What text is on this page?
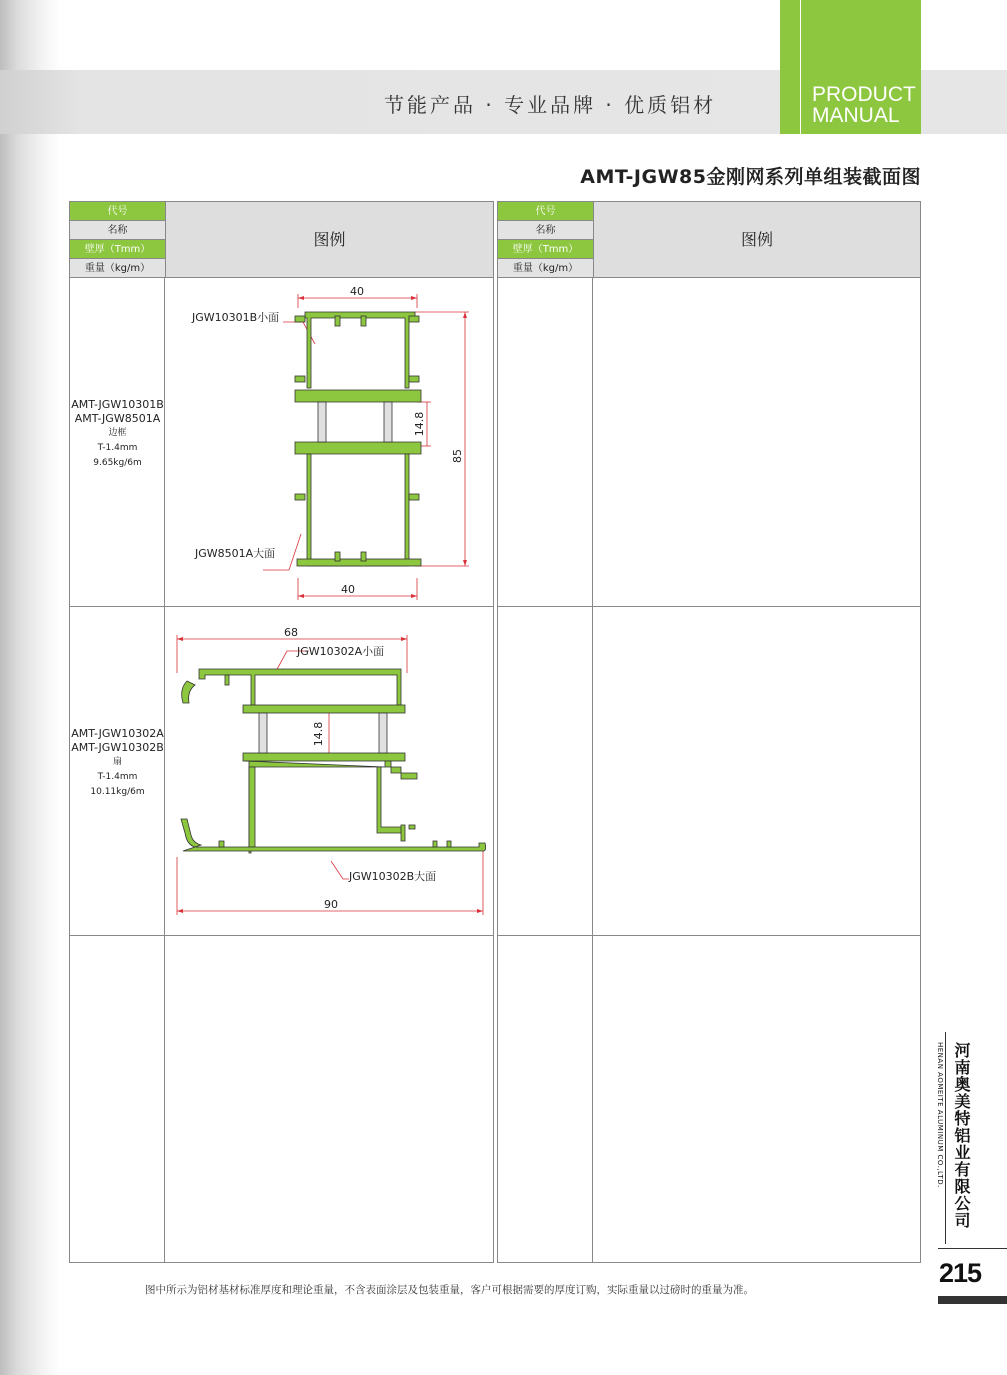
节能产品 · 专业品牌 · 优质铝材	PRODUCT
MANUAL
AMT-JGW85金刚网系列单组装截面图
代号
名称
壁厚（Tmm）
重量（kg/m）
图例
AMT-JGW10301B
AMT-JGW8501A
边框
T-1.4mm
9.65kg/6m
40
40
85
14.8
JGW10301B小面
JGW8501A大面
AMT-JGW10302A
AMT-JGW10302B
扇
T-1.4mm
10.11kg/6m
68
90
14.8
JGW10302A小面
JGW10302B大面
代号
名称
壁厚（Tmm）
重量（kg/m）
图例
图中所示为铝材基材标准厚度和理论重量，不含表面涂层及包装重量，客户可根据需要的厚度订购，实际重量以过磅时的重量为准。
河南奥美特铝业有限公司
HENAN AOMEITE ALUMINUM CO.,LTD.
215
